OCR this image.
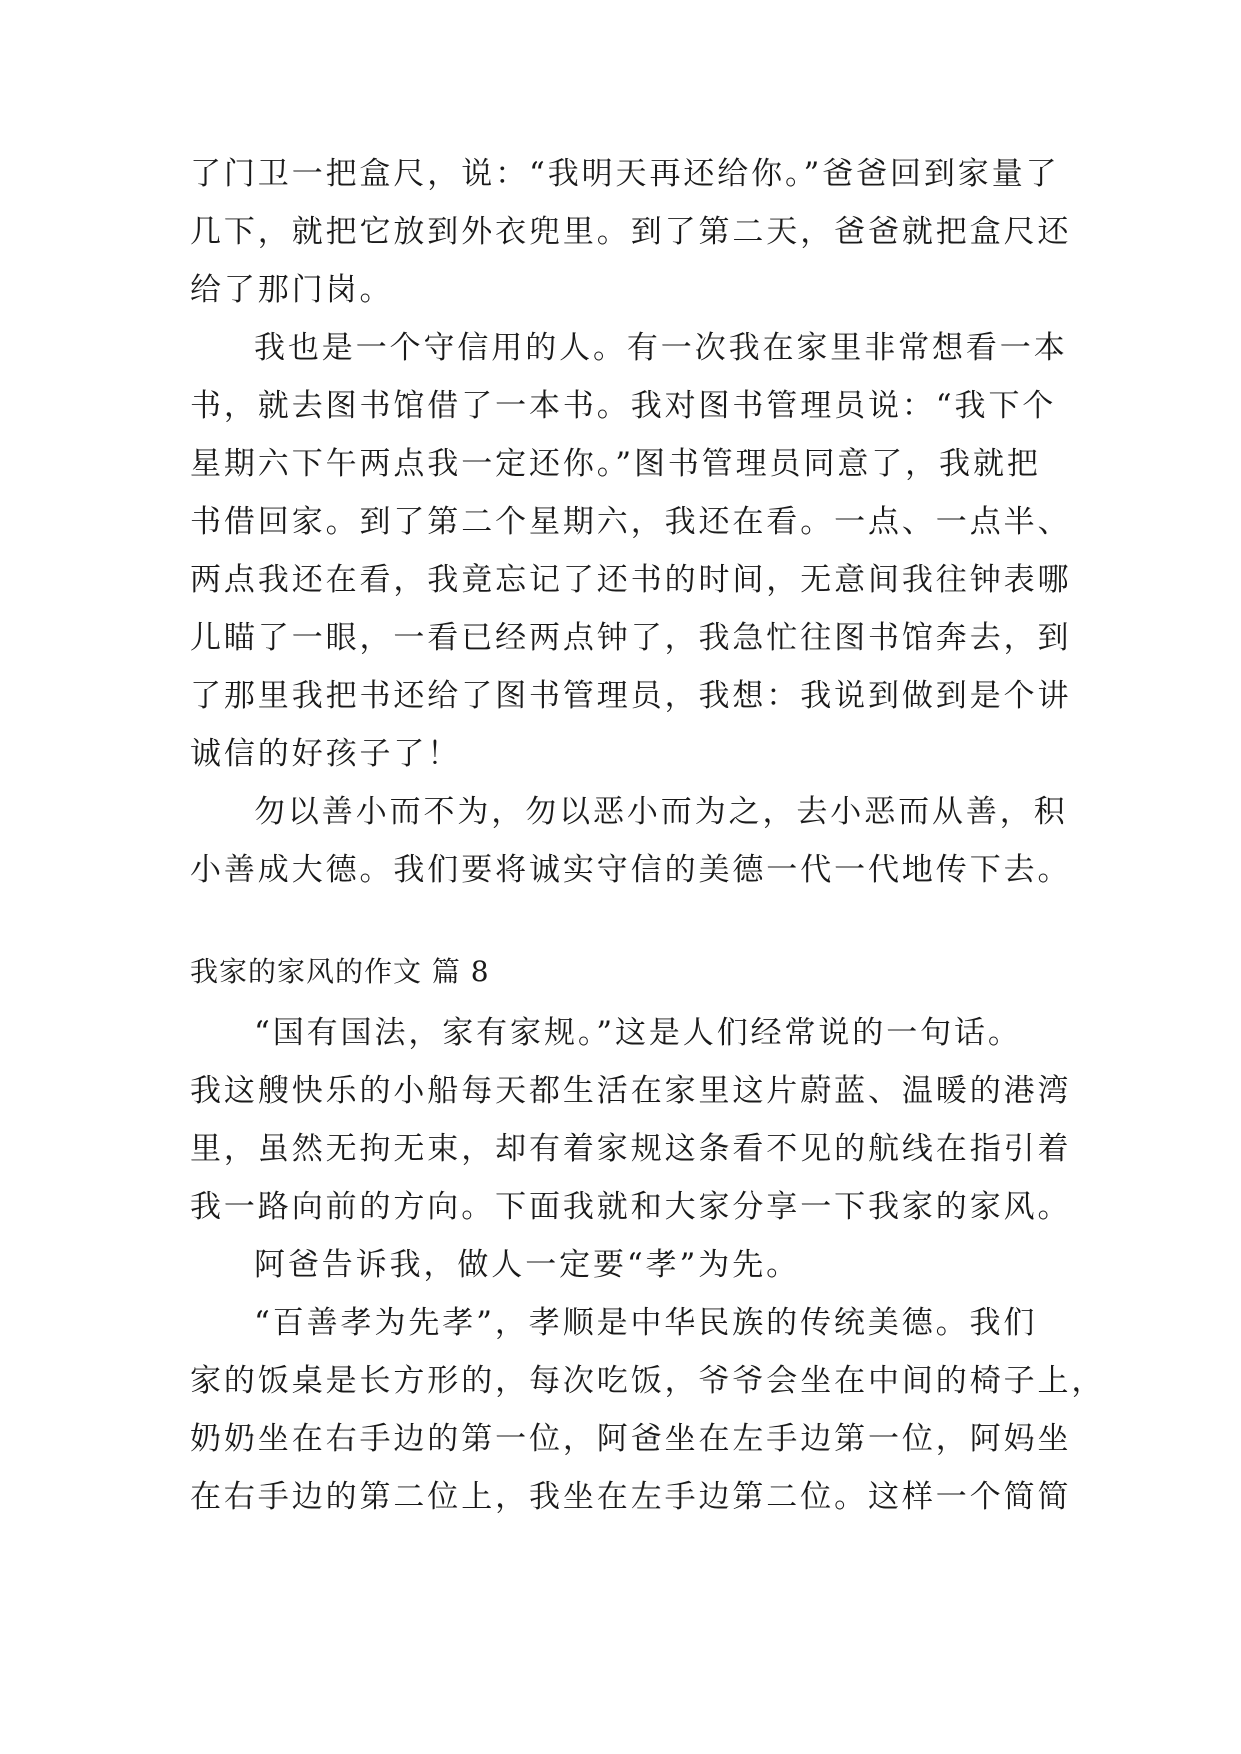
了门卫一把盒尺，说：“我明天再还给你。”爸爸回到家量了
几下，就把它放到外衣兜里。到了第二天，爸爸就把盒尺还
给了那门岗。
我也是一个守信用的人。有一次我在家里非常想看一本
书，就去图书馆借了一本书。我对图书管理员说：“我下个
星期六下午两点我一定还你。”图书管理员同意了，我就把
书借回家。到了第二个星期六，我还在看。一点、一点半、
两点我还在看，我竟忘记了还书的时间，无意间我往钟表哪
儿瞄了一眼，一看已经两点钟了，我急忙往图书馆奔去，到
了那里我把书还给了图书管理员，我想：我说到做到是个讲
诚信的好孩子了！
勿以善小而不为，勿以恶小而为之，去小恶而从善，积
小善成大德。我们要将诚实守信的美德一代一代地传下去。
我家的家风的作文 篇 8
“国有国法，家有家规。”这是人们经常说的一句话。
我这艘快乐的小船每天都生活在家里这片蔚蓝、温暖的港湾
里，虽然无拘无束，却有着家规这条看不见的航线在指引着
我一路向前的方向。下面我就和大家分享一下我家的家风。
阿爸告诉我，做人一定要“孝”为先。
“百善孝为先孝”，孝顺是中华民族的传统美德。我们
家的饭桌是长方形的，每次吃饭，爷爷会坐在中间的椅子上，
奶奶坐在右手边的第一位，阿爸坐在左手边第一位，阿妈坐
在右手边的第二位上，我坐在左手边第二位。这样一个简简
